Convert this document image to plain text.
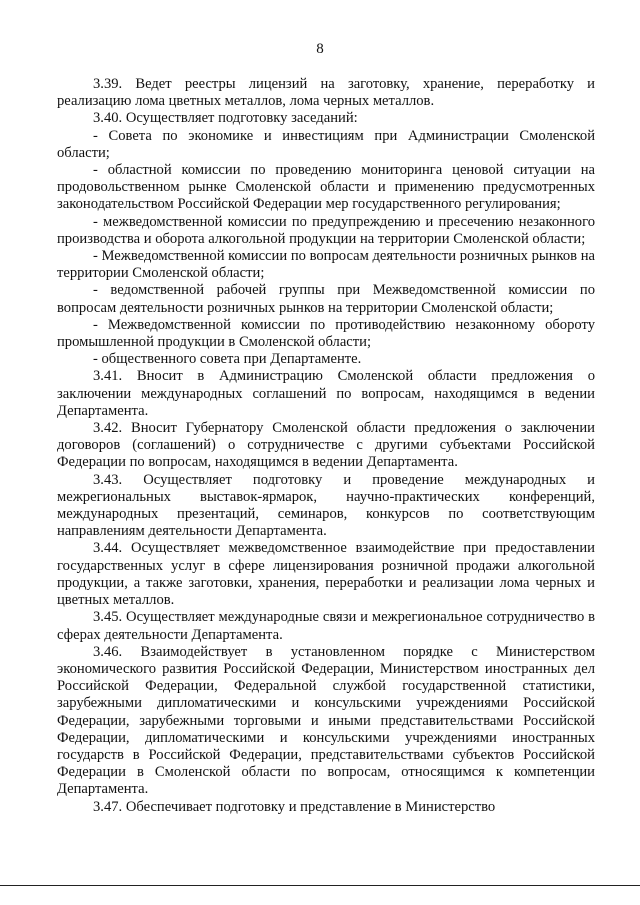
8

3.39. Ведет реестры лицензий на заготовку, хранение, переработку и реализацию лома цветных металлов, лома черных металлов.

3.40. Осуществляет подготовку заседаний:

- Совета по экономике и инвестициям при Администрации Смоленской области;

- областной комиссии по проведению мониторинга ценовой ситуации на продовольственном рынке Смоленской области и применению предусмотренных законодательством Российской Федерации мер государственного регулирования;

- межведомственной комиссии по предупреждению и пресечению незаконного производства и оборота алкогольной продукции на территории Смоленской области;

- Межведомственной комиссии по вопросам деятельности розничных рынков на территории Смоленской области;

- ведомственной рабочей группы при Межведомственной комиссии по вопросам деятельности розничных рынков на территории Смоленской области;

- Межведомственной комиссии по противодействию незаконному обороту промышленной продукции в Смоленской области;

- общественного совета при Департаменте.

3.41. Вносит в Администрацию Смоленской области предложения о заключении международных соглашений по вопросам, находящимся в ведении Департамента.

3.42. Вносит Губернатору Смоленской области предложения о заключении договоров (соглашений) о сотрудничестве с другими субъектами Российской Федерации по вопросам, находящимся в ведении Департамента.

3.43. Осуществляет подготовку и проведение международных и межрегиональных выставок-ярмарок, научно-практических конференций, международных презентаций, семинаров, конкурсов по соответствующим направлениям деятельности Департамента.

3.44. Осуществляет межведомственное взаимодействие при предоставлении государственных услуг в сфере лицензирования розничной продажи алкогольной продукции, а также заготовки, хранения, переработки и реализации лома черных и цветных металлов.

3.45. Осуществляет международные связи и межрегиональное сотрудничество в сферах деятельности Департамента.

3.46. Взаимодействует в установленном порядке с Министерством экономического развития Российской Федерации, Министерством иностранных дел Российской Федерации, Федеральной службой государственной статистики, зарубежными дипломатическими и консульскими учреждениями Российской Федерации, зарубежными торговыми и иными представительствами Российской Федерации, дипломатическими и консульскими учреждениями иностранных государств в Российской Федерации, представительствами субъектов Российской Федерации в Смоленской области по вопросам, относящимся к компетенции Департамента.

3.47. Обеспечивает подготовку и представление в Министерство
